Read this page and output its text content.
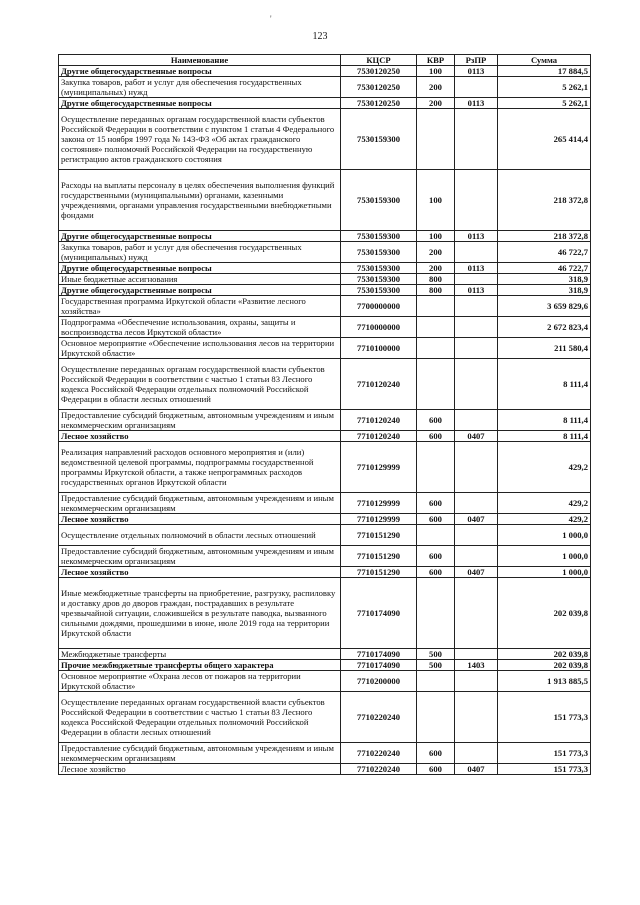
'
123
Наименование	КЦСР	КВР	РзПР	Сумма
Другие общегосударственные вопросы	7530120250	100	0113	17 884,5
Закупка товаров, работ и услуг для обеспечения государственных (муниципальных) нужд	7530120250	200		5 262,1
Другие общегосударственные вопросы	7530120250	200	0113	5 262,1
Осуществление переданных органам государственной власти субъектов Российской Федерации в соответствии с пунктом 1 статьи 4 Федерального закона от 15 ноября 1997 года № 143-ФЗ «Об актах гражданского состояния» полномочий Российской Федерации на государственную регистрацию актов гражданского состояния	7530159300			265 414,4
Расходы на выплаты персоналу в целях обеспечения выполнения функций государственными (муниципальными) органами, казенными учреждениями, органами управления государственными внебюджетными фондами	7530159300	100		218 372,8
Другие общегосударственные вопросы	7530159300	100	0113	218 372,8
Закупка товаров, работ и услуг для обеспечения государственных (муниципальных) нужд	7530159300	200		46 722,7
Другие общегосударственные вопросы	7530159300	200	0113	46 722,7
Иные бюджетные ассигнования	7530159300	800		318,9
Другие общегосударственные вопросы	7530159300	800	0113	318,9
Государственная программа Иркутской области «Развитие лесного хозяйства»	7700000000			3 659 829,6
Подпрограмма «Обеспечение использования, охраны, защиты и воспроизводства лесов Иркутской области»	7710000000			2 672 823,4
Основное мероприятие «Обеспечение использования лесов на территории Иркутской области»	7710100000			211 580,4
Осуществление переданных органам государственной власти субъектов Российской Федерации в соответствии с частью 1 статьи 83 Лесного кодекса Российской Федерации отдельных полномочий Российской Федерации в области лесных отношений	7710120240			8 111,4
Предоставление субсидий бюджетным, автономным учреждениям и иным некоммерческим организациям	7710120240	600		8 111,4
Лесное хозяйство	7710120240	600	0407	8 111,4
Реализация направлений расходов основного мероприятия и (или) ведомственной целевой программы, подпрограммы государственной программы Иркутской области, а также непрограммных расходов государственных органов Иркутской области	7710129999			429,2
Предоставление субсидий бюджетным, автономным учреждениям и иным некоммерческим организациям	7710129999	600		429,2
Лесное хозяйство	7710129999	600	0407	429,2
Осуществление отдельных полномочий в области лесных отношений	7710151290			1 000,0
Предоставление субсидий бюджетным, автономным учреждениям и иным некоммерческим организациям	7710151290	600		1 000,0
Лесное хозяйство	7710151290	600	0407	1 000,0
Иные межбюджетные трансферты на приобретение, разгрузку, распиловку и доставку дров до дворов граждан, пострадавших в результате чрезвычайной ситуации, сложившейся в результате паводка, вызванного сильными дождями, прошедшими в июне, июле 2019 года на территории Иркутской области	7710174090			202 039,8
Межбюджетные трансферты	7710174090	500		202 039,8
Прочие межбюджетные трансферты общего характера	7710174090	500	1403	202 039,8
Основное мероприятие «Охрана лесов от пожаров на территории Иркутской области»	7710200000			1 913 885,5
Осуществление переданных органам государственной власти субъектов Российской Федерации в соответствии с частью 1 статьи 83 Лесного кодекса Российской Федерации отдельных полномочий Российской Федерации в области лесных отношений	7710220240			151 773,3
Предоставление субсидий бюджетным, автономным учреждениям и иным некоммерческим организациям	7710220240	600		151 773,3
Лесное хозяйство	7710220240	600	0407	151 773,3
